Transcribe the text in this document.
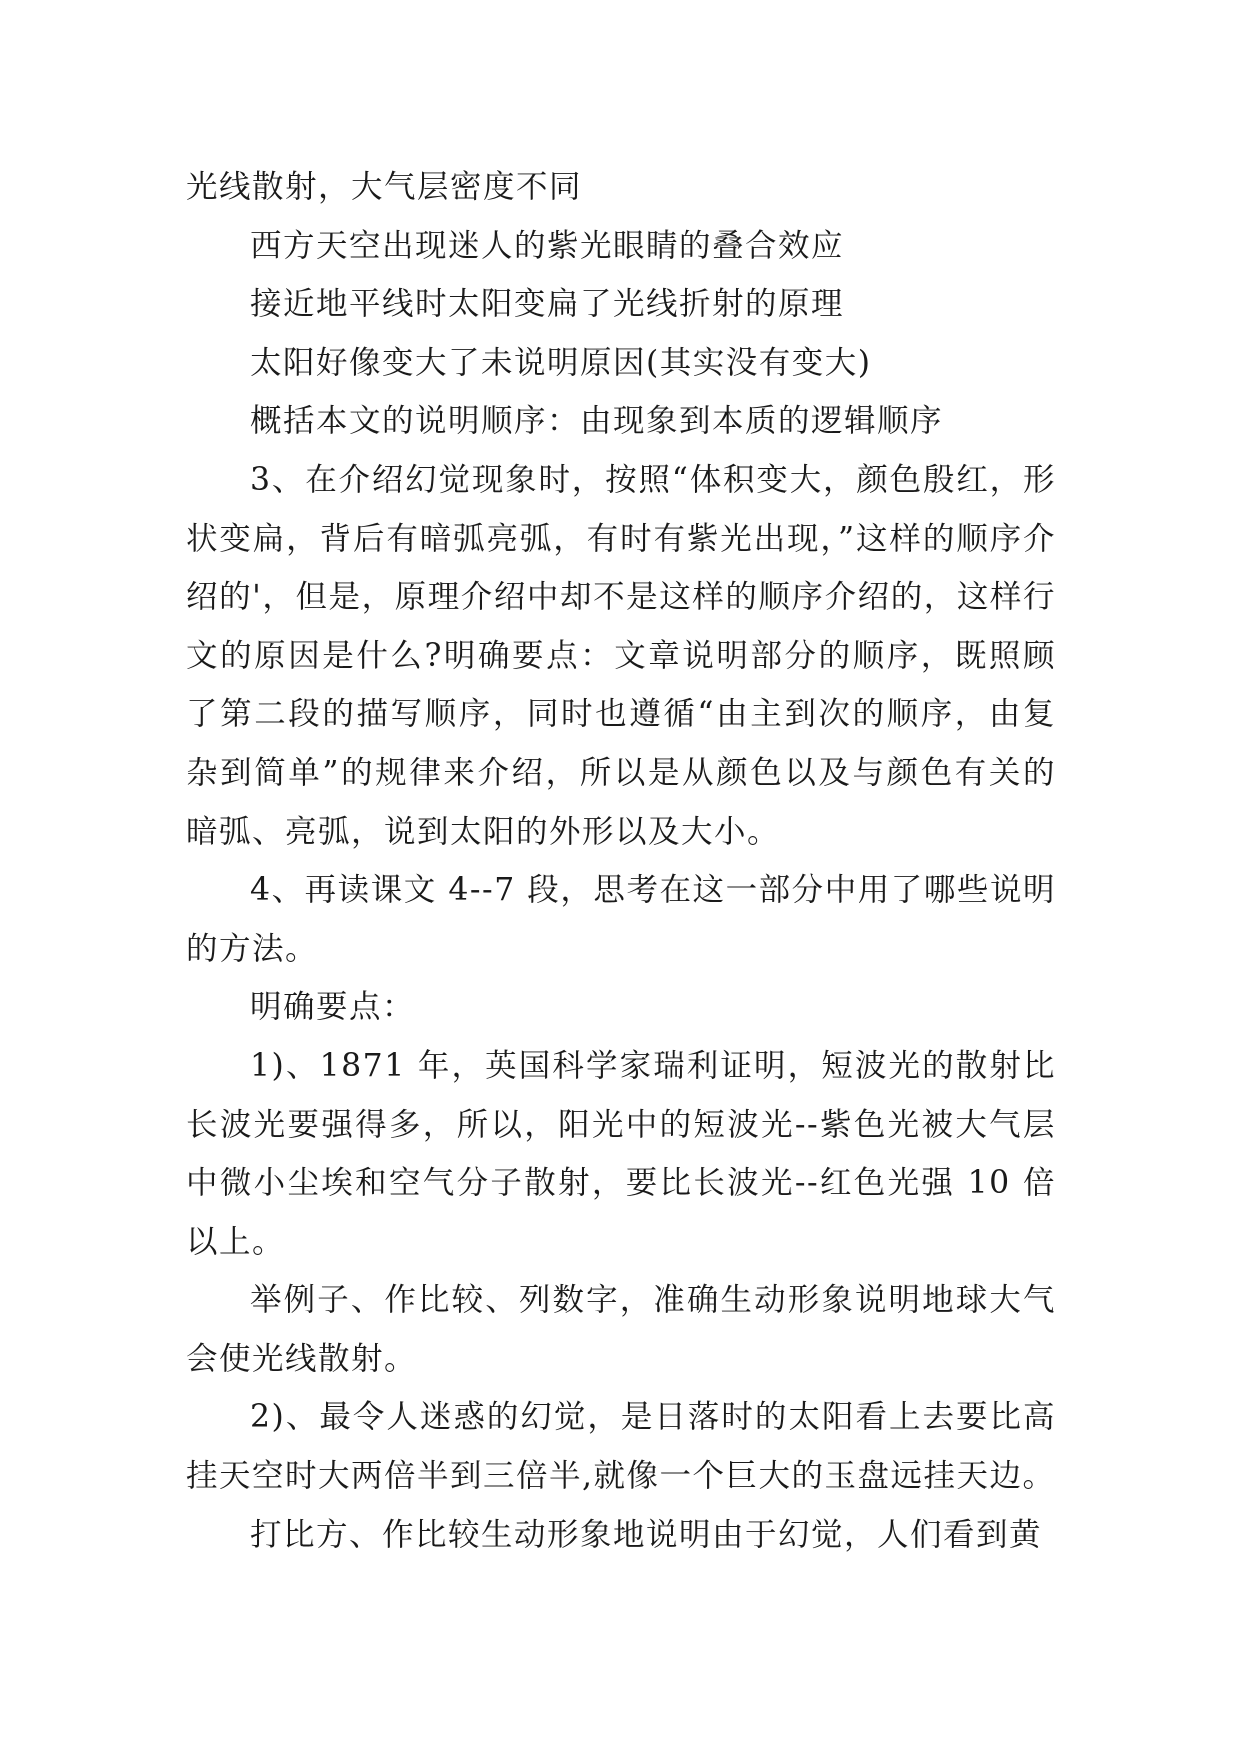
光线散射，大气层密度不同

西方天空出现迷人的紫光眼睛的叠合效应

接近地平线时太阳变扁了光线折射的原理

太阳好像变大了未说明原因(其实没有变大)

概括本文的说明顺序：由现象到本质的逻辑顺序

3、在介绍幻觉现象时，按照“体积变大，颜色殷红，形状变扁，背后有暗弧亮弧，有时有紫光出现，”这样的顺序介绍的'，但是，原理介绍中却不是这样的顺序介绍的，这样行文的原因是什么?明确要点：文章说明部分的顺序，既照顾了第二段的描写顺序，同时也遵循“由主到次的顺序，由复杂到简单”的规律来介绍，所以是从颜色以及与颜色有关的暗弧、亮弧，说到太阳的外形以及大小。

4、再读课文 4--7 段，思考在这一部分中用了哪些说明的方法。

明确要点：

1)、1871 年，英国科学家瑞利证明，短波光的散射比长波光要强得多，所以，阳光中的短波光--紫色光被大气层中微小尘埃和空气分子散射，要比长波光--红色光强 10 倍以上。

举例子、作比较、列数字，准确生动形象说明地球大气会使光线散射。

2)、最令人迷惑的幻觉，是日落时的太阳看上去要比高挂天空时大两倍半到三倍半,就像一个巨大的玉盘远挂天边。

打比方、作比较生动形象地说明由于幻觉，人们看到黄
